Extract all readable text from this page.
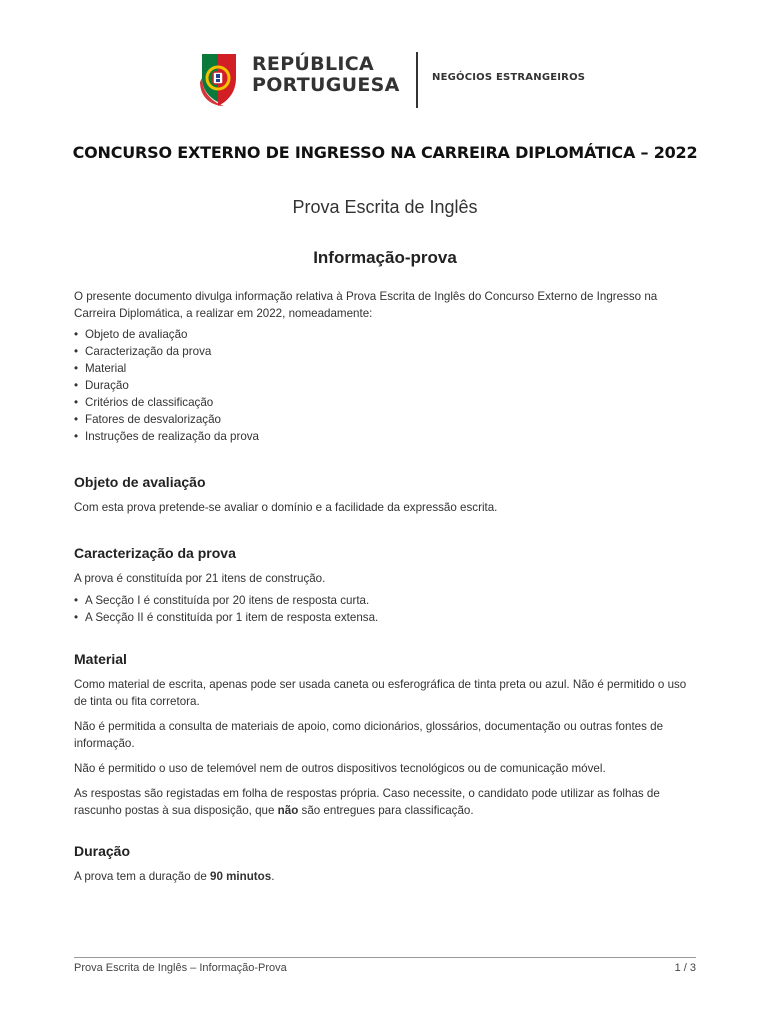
REPÚBLICA
PORTUGUESA	NEGÓCIOS ESTRANGEIROS
CONCURSO EXTERNO DE INGRESSO NA CARREIRA DIPLOMÁTICA – 2022
Prova Escrita de Inglês
Informação-prova

O presente documento divulga informação relativa à Prova Escrita de Inglês do Concurso Externo de Ingresso na Carreira Diplomática, a realizar em 2022, nomeadamente:

• Objeto de avaliação
• Caracterização da prova
• Material
• Duração
• Critérios de classificação
• Fatores de desvalorização
• Instruções de realização da prova
Objeto de avaliação

Com esta prova pretende-se avaliar o domínio e a facilidade da expressão escrita.

Caracterização da prova

A prova é constituída por 21 itens de construção.

• A Secção I é constituída por 20 itens de resposta curta.
• A Secção II é constituída por 1 item de resposta extensa.
Material

Como material de escrita, apenas pode ser usada caneta ou esferográfica de tinta preta ou azul. Não é permitido o uso de tinta ou fita corretora.

Não é permitida a consulta de materiais de apoio, como dicionários, glossários, documentação ou outras fontes de informação.

Não é permitido o uso de telemóvel nem de outros dispositivos tecnológicos ou de comunicação móvel.

As respostas são registadas em folha de respostas própria. Caso necessite, o candidato pode utilizar as folhas de rascunho postas à sua disposição, que não são entregues para classificação.

Duração

A prova tem a duração de 90 minutos.

Prova Escrita de Inglês – Informação-Prova	1 / 3
